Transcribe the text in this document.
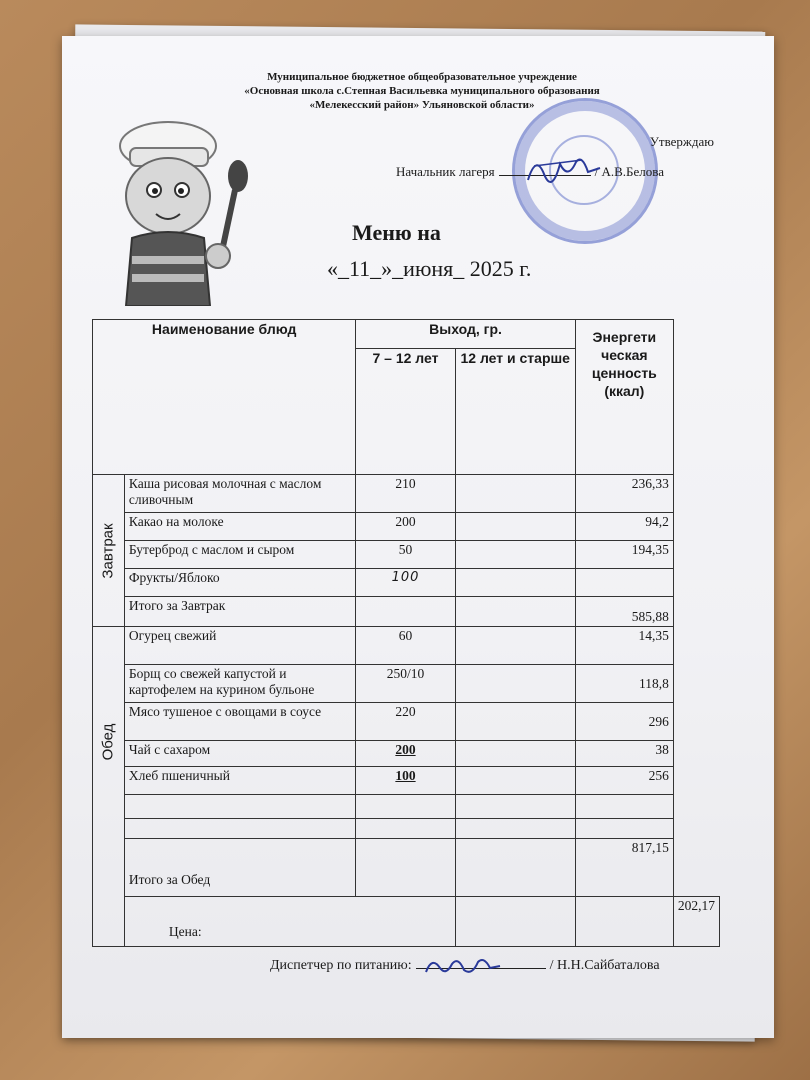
Муниципальное бюджетное общеобразовательное учреждение
«Основная школа с.Степная Васильевка муниципального образования
«Мелекесский район» Ульяновской области»
Утверждаю
Начальник лагеря	/ А.В.Белова
Меню на
«_11_»_июня_ 2025 г.
Наименование блюд		Выход, гр.		Энергети ческая ценность (ккал)	
		7 – 12 лет	12 лет и старше		

Завтрак	Каша рисовая молочная с маслом сливочным	210		236,33	
	Какао на молоке	200		94,2	
	Бутерброд с маслом и сыром	50		194,35	
	Фрукты/Яблоко	100			
	Итого за Завтрак			585,88	

Обед	Огурец свежий	60		14,35	
	Борщ со свежей капустой и картофелем на курином бульоне	250/10		118,8	
	Мясо тушеное с овощами в соусе	220		296	
	Чай с сахаром	200		38	
	Хлеб пшеничный	100		256	

	Итого за Обед			817,15	
	Цена:				202,17
Диспетчер по питанию:	/ Н.Н.Сайбаталова
